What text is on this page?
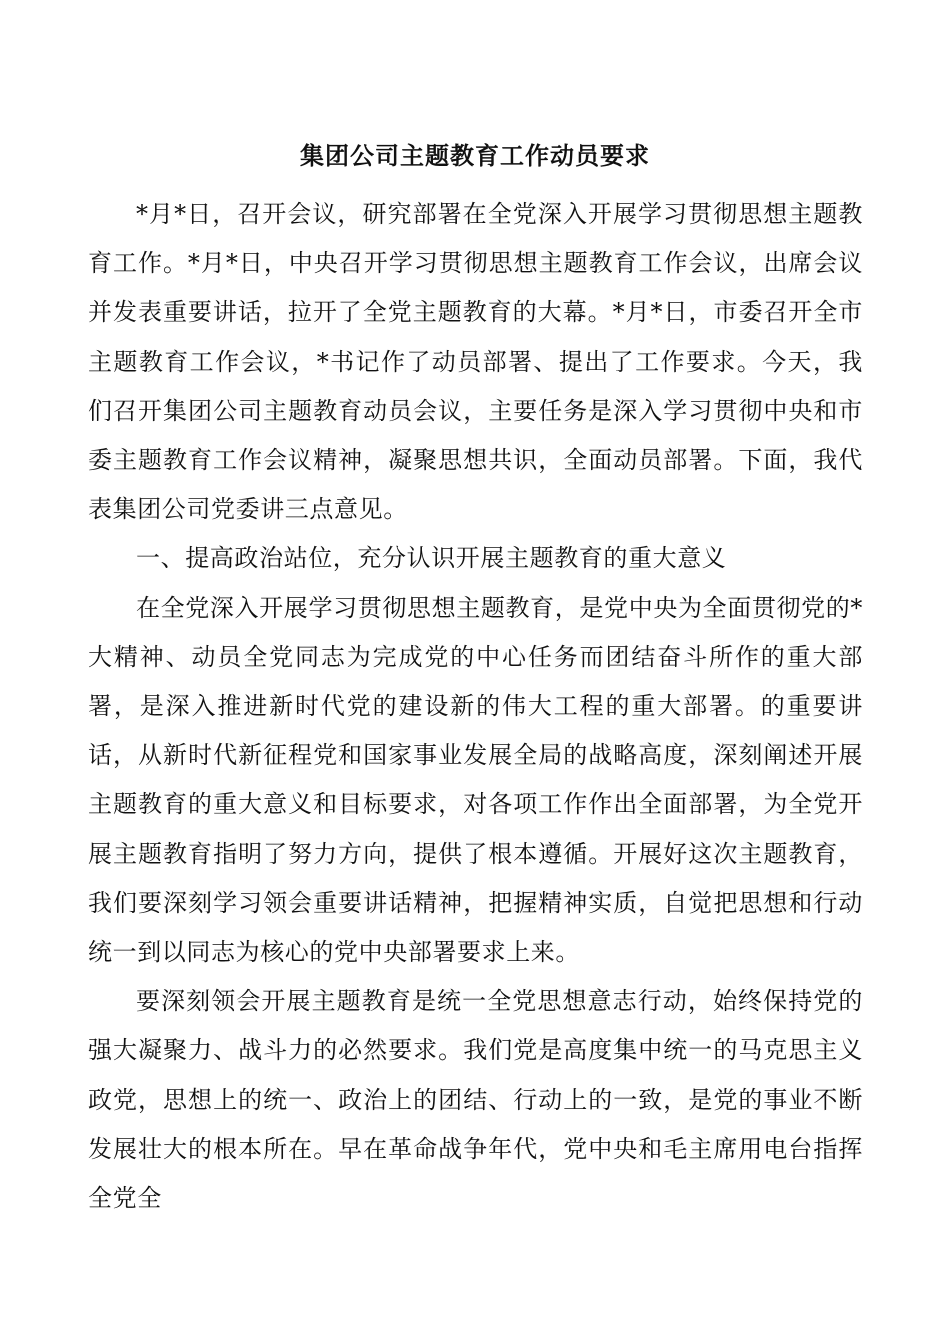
集团公司主题教育工作动员要求

*月*日，召开会议，研究部署在全党深入开展学习贯彻思想主题教育工作。*月*日，中央召开学习贯彻思想主题教育工作会议，出席会议并发表重要讲话，拉开了全党主题教育的大幕。*月*日，市委召开全市主题教育工作会议，*书记作了动员部署、提出了工作要求。今天，我们召开集团公司主题教育动员会议，主要任务是深入学习贯彻中央和市委主题教育工作会议精神，凝聚思想共识，全面动员部署。下面，我代表集团公司党委讲三点意见。

一、提高政治站位，充分认识开展主题教育的重大意义

在全党深入开展学习贯彻思想主题教育，是党中央为全面贯彻党的*大精神、动员全党同志为完成党的中心任务而团结奋斗所作的重大部署，是深入推进新时代党的建设新的伟大工程的重大部署。的重要讲话，从新时代新征程党和国家事业发展全局的战略高度，深刻阐述开展主题教育的重大意义和目标要求，对各项工作作出全面部署，为全党开展主题教育指明了努力方向，提供了根本遵循。开展好这次主题教育，我们要深刻学习领会重要讲话精神，把握精神实质，自觉把思想和行动统一到以同志为核心的党中央部署要求上来。

要深刻领会开展主题教育是统一全党思想意志行动，始终保持党的强大凝聚力、战斗力的必然要求。我们党是高度集中统一的马克思主义政党，思想上的统一、政治上的团结、行动上的一致，是党的事业不断发展壮大的根本所在。早在革命战争年代，党中央和毛主席用电台指挥全党全
